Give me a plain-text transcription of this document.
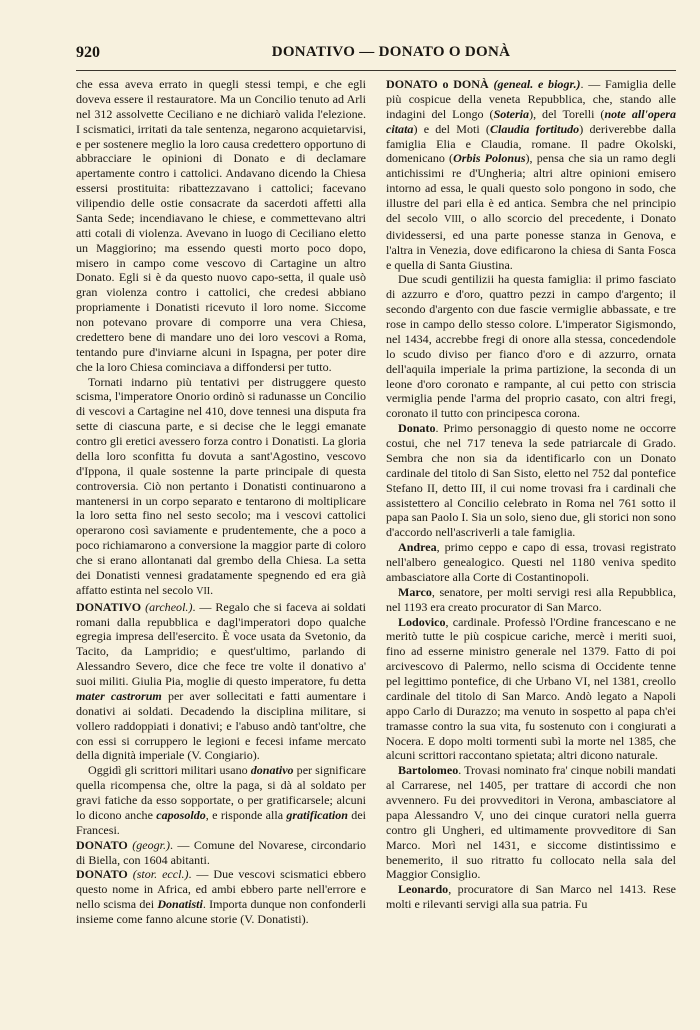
920	DONATIVO — DONATO O DONÀ

che essa aveva errato in quegli stessi tempi, e che egli doveva essere il restauratore. Ma un Concilio tenuto ad Arli nel 312 assolvette Ceciliano e ne dichiarò valida l'elezione. I scismatici, irritati da tale sentenza, negarono acquietarvisi, e per sostenere meglio la loro causa credettero opportuno di abbracciare le opinioni di Donato e di declamare apertamente contro i cattolici. Andavano dicendo la Chiesa essersi prostituita: ribattezzavano i cattolici; facevano vilipendio delle ostie consacrate da sacerdoti affetti alla Santa Sede; incendiavano le chiese, e commettevano altri atti cotali di violenza. Avevano in luogo di Ceciliano eletto un Maggiorino; ma essendo questi morto poco dopo, misero in campo come vescovo di Cartagine un altro Donato. Egli si è da questo nuovo capo-setta, il quale usò gran violenza contro i cattolici, che credesi abbiano propriamente i Donatisti ricevuto il loro nome. Siccome non potevano provare di comporre una vera Chiesa, credettero bene di mandare uno dei loro vescovi a Roma, tentando pure d'inviarne alcuni in Ispagna, per poter dire che la loro Chiesa cominciava a diffondersi per tutto.

Tornati indarno più tentativi per distruggere questo scisma, l'imperatore Onorio ordinò si radunasse un Concilio di vescovi a Cartagine nel 410, dove tennesi una disputa fra sette di ciascuna parte, e si decise che le leggi emanate contro gli eretici avessero forza contro i Donatisti. La gloria della loro sconfitta fu dovuta a sant'Agostino, vescovo d'Ippona, il quale sostenne la parte principale di questa controversia. Ciò non pertanto i Donatisti continuarono a mantenersi in un corpo separato e tentarono di moltiplicare la loro setta fino nel sesto secolo; ma i vescovi cattolici operarono così saviamente e prudentemente, che a poco a poco richiamarono a conversione la maggior parte di coloro che si erano allontanati dal grembo della Chiesa. La setta dei Donatisti vennesi gradatamente spegnendo ed era già affatto estinta nel secolo VII.

DONATIVO (archeol.). — Regalo che si faceva ai soldati romani dalla repubblica e dagl'imperatori dopo qualche egregia impresa dell'esercito. È voce usata da Svetonio, da Tacito, da Lampridio; e quest'ultimo, parlando di Alessandro Severo, dice che fece tre volte il donativo a' suoi militi. Giulia Pia, moglie di questo imperatore, fu detta mater castrorum per aver sollecitati e fatti aumentare i donativi ai soldati. Decadendo la disciplina militare, si vollero raddoppiati i donativi; e l'abuso andò tant'oltre, che con essi si corruppero le legioni e fecesi infame mercato della dignità imperiale (V. Congiario).

Oggidì gli scrittori militari usano donativo per significare quella ricompensa che, oltre la paga, si dà al soldato per gravi fatiche da esso sopportate, o per gratificarsele; alcuni lo dicono anche caposoldo, e risponde alla gratification dei Francesi.

DONATO (geogr.). — Comune del Novarese, circondario di Biella, con 1604 abitanti.

DONATO (stor. eccl.). — Due vescovi scismatici ebbero questo nome in Africa, ed ambi ebbero parte nell'errore e nello scisma dei Donatisti. Importa dunque non confonderli insieme come fanno alcune storie (V. Donatisti).

DONATO o DONÀ (geneal. e biogr.). — Famiglia delle più cospicue della veneta Repubblica, che, stando alle indagini del Longo (Soteria), del Torelli (note all'opera citata) e del Moti (Claudia fortitudo) deriverebbe dalla famiglia Elia e Claudia, romane. Il padre Okolski, domenicano (Orbis Polonus), pensa che sia un ramo degli antichissimi re d'Ungheria; altri altre opinioni emisero intorno ad essa, le quali questo solo pongono in sodo, che illustre del pari ella è ed antica. Sembra che nel principio del secolo VIII, o allo scorcio del precedente, i Donato dividessersi, ed una parte ponesse stanza in Genova, e l'altra in Venezia, dove edificarono la chiesa di Santa Fosca e quella di Santa Giustina.

Due scudi gentilizii ha questa famiglia: il primo fasciato di azzurro e d'oro, quattro pezzi in campo d'argento; il secondo d'argento con due fascie vermiglie abbassate, e tre rose in campo dello stesso colore. L'imperator Sigismondo, nel 1434, accrebbe fregi di onore alla stessa, concedendole lo scudo diviso per fianco d'oro e di azzurro, ornata dell'aquila imperiale la prima partizione, la seconda di un leone d'oro coronato e rampante, al cui petto con striscia vermiglia pende l'arma del proprio casato, con altri fregi, coronato il tutto con principesca corona.

Donato. Primo personaggio di questo nome ne occorre costui, che nel 717 teneva la sede patriarcale di Grado. Sembra che non sia da identificarlo con un Donato cardinale del titolo di San Sisto, eletto nel 752 dal pontefice Stefano II, detto III, il cui nome trovasi fra i cardinali che assistettero al Concilio celebrato in Roma nel 761 sotto il papa san Paolo I. Sia un solo, sieno due, gli storici non sono d'accordo nell'ascriverli a tale famiglia.

Andrea, primo ceppo e capo di essa, trovasi registrato nell'albero genealogico. Questi nel 1180 veniva spedito ambasciatore alla Corte di Costantinopoli.

Marco, senatore, per molti servigi resi alla Repubblica, nel 1193 era creato procurator di San Marco.

Lodovico, cardinale. Professò l'Ordine francescano e ne meritò tutte le più cospicue cariche, mercè i meriti suoi, fino ad esserne ministro generale nel 1379. Fatto di poi arcivescovo di Palermo, nello scisma di Occidente tenne pel legittimo pontefice, di che Urbano VI, nel 1381, creollo cardinale del titolo di San Marco. Andò legato a Napoli appo Carlo di Durazzo; ma venuto in sospetto al papa ch'ei tramasse contro la sua vita, fu sostenuto con i congiurati a Nocera. E dopo molti tormenti subì la morte nel 1385, che alcuni scrittori raccontano spietata; altri dicono naturale.

Bartolomeo. Trovasi nominato fra' cinque nobili mandati al Carrarese, nel 1405, per trattare di accordi che non avvennero. Fu dei provveditori in Verona, ambasciatore al papa Alessandro V, uno dei cinque curatori nella guerra contro gli Ungheri, ed ultimamente provveditore di San Marco. Morì nel 1431, e siccome distintissimo e benemerito, il suo ritratto fu collocato nella sala del Maggior Consiglio.

Leonardo, procuratore di San Marco nel 1413. Rese molti e rilevanti servigi alla sua patria. Fu
